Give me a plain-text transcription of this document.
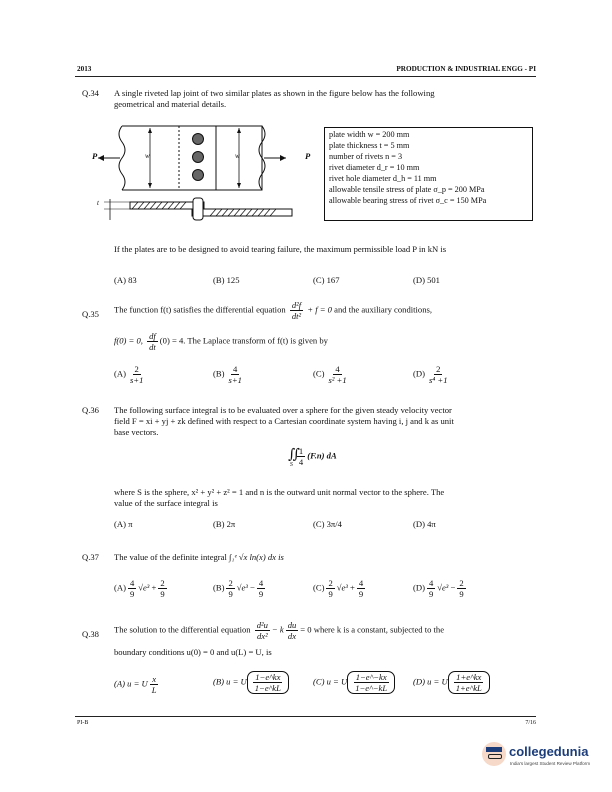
2013	PRODUCTION & INDUSTRIAL ENGG - PI
Q.34 A single riveted lap joint of two similar plates as shown in the figure below has the following
geometrical and material details.
P	P
w	w
t
plate width w = 200 mm
plate thickness t = 5 mm
number of rivets n = 3
rivet diameter d_r = 10 mm
rivet hole diameter d_h = 11 mm
allowable tensile stress of plate σ_p = 200 MPa
allowable bearing stress of rivet σ_c = 150 MPa
If the plates are to be designed to avoid tearing failure, the maximum permissible load P in kN is
(A) 83	(B) 125	(C) 167	(D) 501
Q.35 The function f(t) satisfies the differential equation $\frac{\text{d²f}}{\text{dt²}} + f = 0$ and the auxiliary conditions,
f(0) = 0, $\frac{df}{dt} (0) = 4$. The Laplace transform of f(t) is given by
$(A) \frac{2}{s+1}$	$(B) \frac{4}{s+1}$	$(C) \frac{4}{\text{s² +1}}$	$(D) \frac{2}{\text{s⁴ +1}}$
Q.36 The following surface integral is to be evaluated over a sphere for the given steady velocity vector
field F = xi + yj + zk defined with respect to a Cartesian coordinate system having i, j and k as unit
base vectors.
$∬_S \frac{1}{4} (F.n)$ dA
where S is the sphere, x² + y² + z² = 1 and n is the outward unit normal vector to the sphere. The
value of the surface integral is
(A) π	(B) 2π	(C) 3π/4	(D) 4π
Q.37 The value of the definite integral ∫₁ᵉ √x ln(x) dx is
$(A) \frac{4}{9} √e^3 + \frac{2}{9}$	$(B) \frac{2}{9} √e^3 - \frac{4}{9}$	$(C) \frac{2}{9} √e^3 + \frac{4}{9}$	$(D) \frac{4}{9} √e^3 - \frac{2}{9}$
Q.38 The solution to the differential equation $\frac{\text{d²u}}{\text{dx²}} - k \frac{du}{dx} = 0$ where k is a constant, subjected to the
boundary conditions u(0) = 0 and u(L) = U, is
(A) u = U $\frac{x}{L}$	(B) u = U $\frac{1-e\^{}kx}{1-e\^{}kL}$	(C) u = U $\frac{1-e\^{}-kx}{1-e\^{}-kL}$	(D) u = U $\frac{1+e\^{}kx}{1+e\^{}kL}$
PI-B	7/16
collegedunia
India's largest Student Review Platform
